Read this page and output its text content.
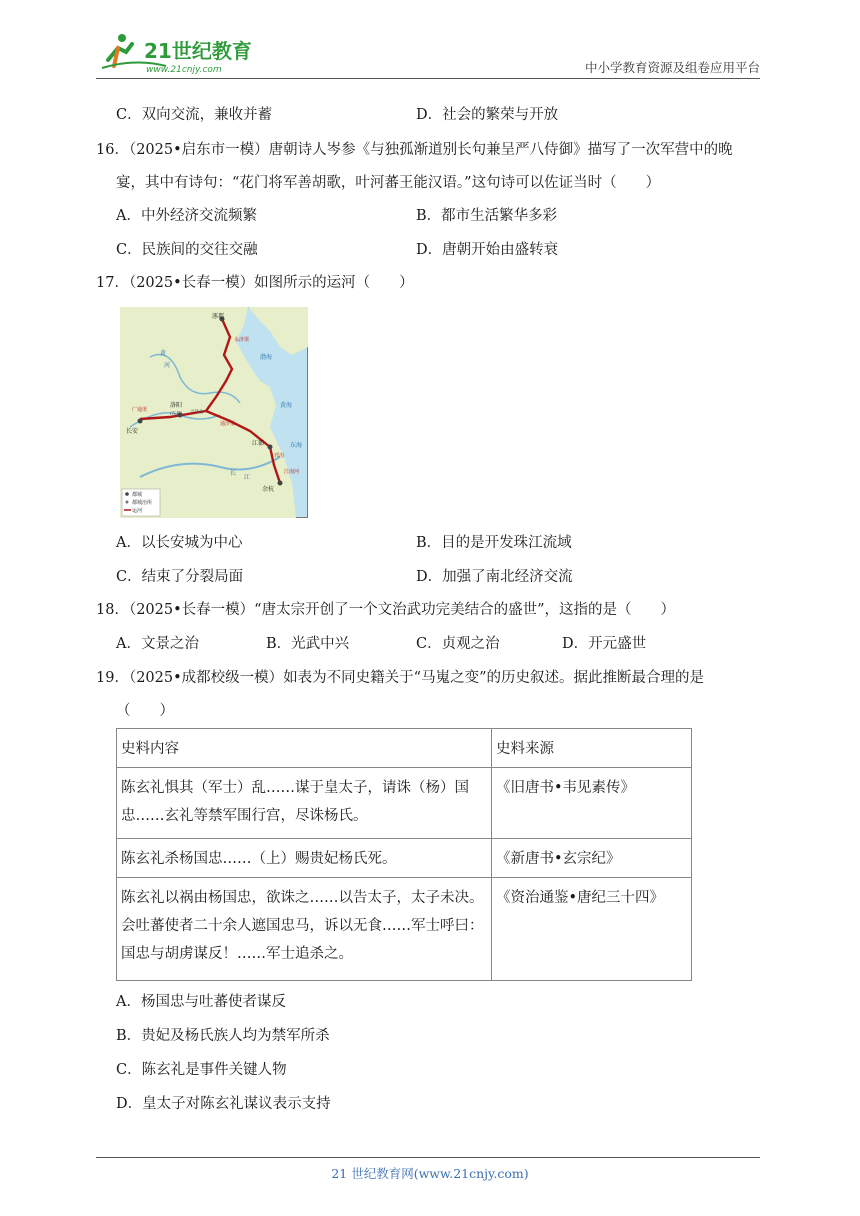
21世纪教育
www.21cnjy.com	中小学教育资源及组卷应用平台
C．双向交流，兼收并蓄	D．社会的繁荣与开放
16．（2025•启东市一模）唐朝诗人岑参《与独孤渐道别长句兼呈严八侍御》描写了一次军营中的晚
宴，其中有诗句：“花门将军善胡歌，叶河蕃王能汉语。”这句诗可以佐证当时（　　）
A．中外经济交流频繁	B．都市生活繁华多彩
C．民族间的交往交融	D．唐朝开始由盛转衰
17．（2025•长春一模）如图所示的运河（　　）
涿郡
长安
洛阳
(东都) 兴洛仓
江都
余杭
永济渠
通济渠
邗沟
江南河
广通渠
黄
河
长
江
渤海
黄海
东海
都城
都城治所
运河
A．以长安城为中心	B．目的是开发珠江流域
C．结束了分裂局面	D．加强了南北经济交流
18．（2025•长春一模）“唐太宗开创了一个文治武功完美结合的盛世”，这指的是（　　）
A．文景之治	B．光武中兴	C．贞观之治	D．开元盛世
19．（2025•成都校级一模）如表为不同史籍关于“马嵬之变”的历史叙述。据此推断最合理的是
（　　）
史料内容	史料来源

陈玄礼惧其（军士）乱……谋于皇太子，请诛（杨）国
忠……玄礼等禁军围行宫，尽诛杨氏。	《旧唐书•韦见素传》

陈玄礼杀杨国忠……（上）赐贵妃杨氏死。	《新唐书•玄宗纪》

陈玄礼以祸由杨国忠，欲诛之……以告太子，太子未决。
会吐蕃使者二十余人遮国忠马，诉以无食……军士呼曰：
国忠与胡虏谋反！……军士追杀之。	《资治通鉴•唐纪三十四》
A．杨国忠与吐蕃使者谋反
B．贵妃及杨氏族人均为禁军所杀
C．陈玄礼是事件关键人物
D．皇太子对陈玄礼谋议表示支持
21 世纪教育网(www.21cnjy.com)
